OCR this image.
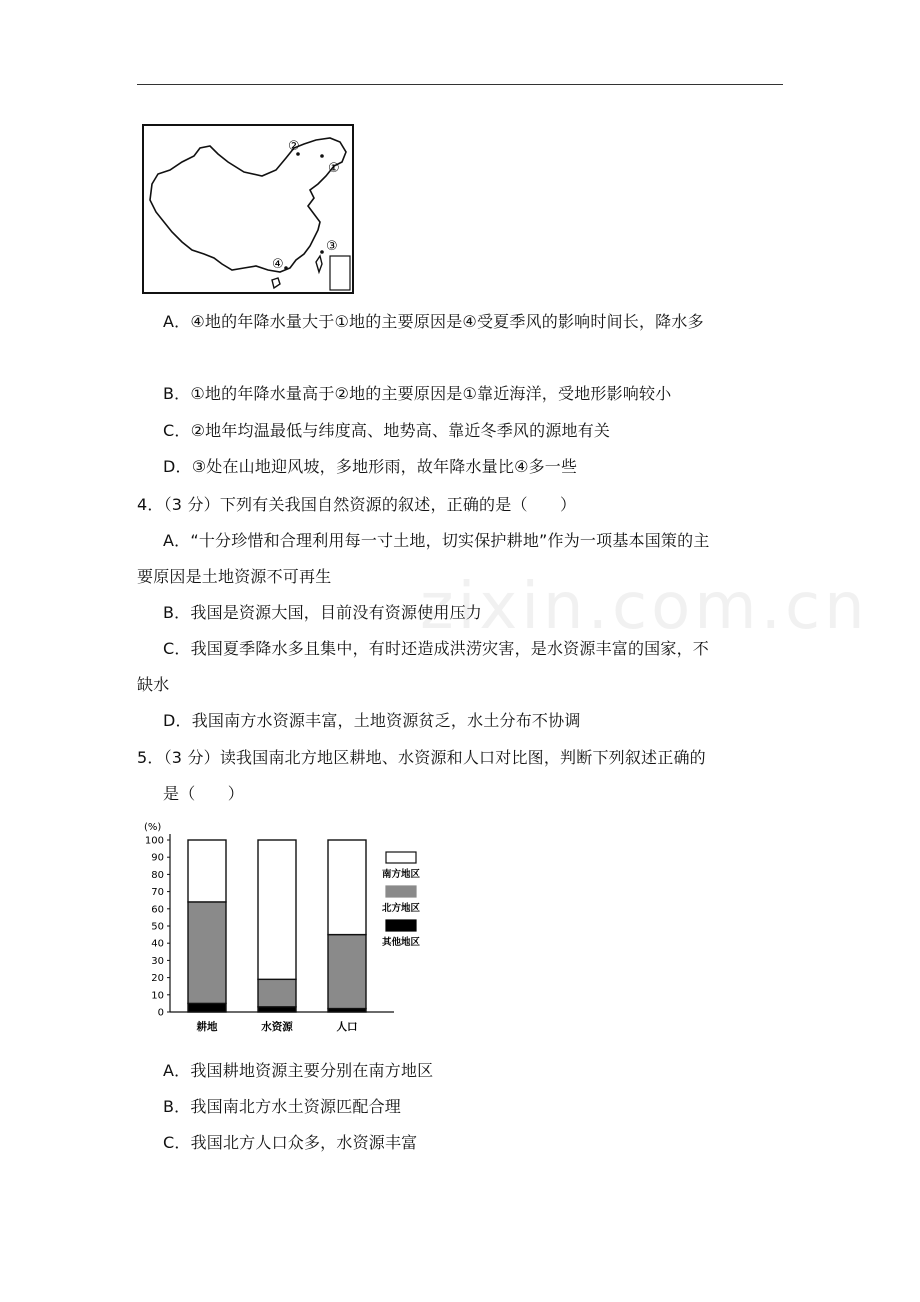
zixin.com.cn
②
①
③
④
A．④地的年降水量大于①地的主要原因是④受夏季风的影响时间长，降水多
B．①地的年降水量高于②地的主要原因是①靠近海洋，受地形影响较小
C．②地年均温最低与纬度高、地势高、靠近冬季风的源地有关
D．③处在山地迎风坡，多地形雨，故年降水量比④多一些
4．（3 分）下列有关我国自然资源的叙述，正确的是（　　）
A．“十分珍惜和合理利用每一寸土地，切实保护耕地”作为一项基本国策的主
要原因是土地资源不可再生
B．我国是资源大国，目前没有资源使用压力
C．我国夏季降水多且集中，有时还造成洪涝灾害，是水资源丰富的国家，不
缺水
D．我国南方水资源丰富，土地资源贫乏，水土分布不协调
5．（3 分）读我国南北方地区耕地、水资源和人口对比图，判断下列叙述正确的
是（　　）
(%)
0
10
20
30
40
50
60
70
80
90
100
耕地	水资源	人口
南方地区
北方地区
其他地区
A．我国耕地资源主要分别在南方地区
B．我国南北方水土资源匹配合理
C．我国北方人口众多，水资源丰富
